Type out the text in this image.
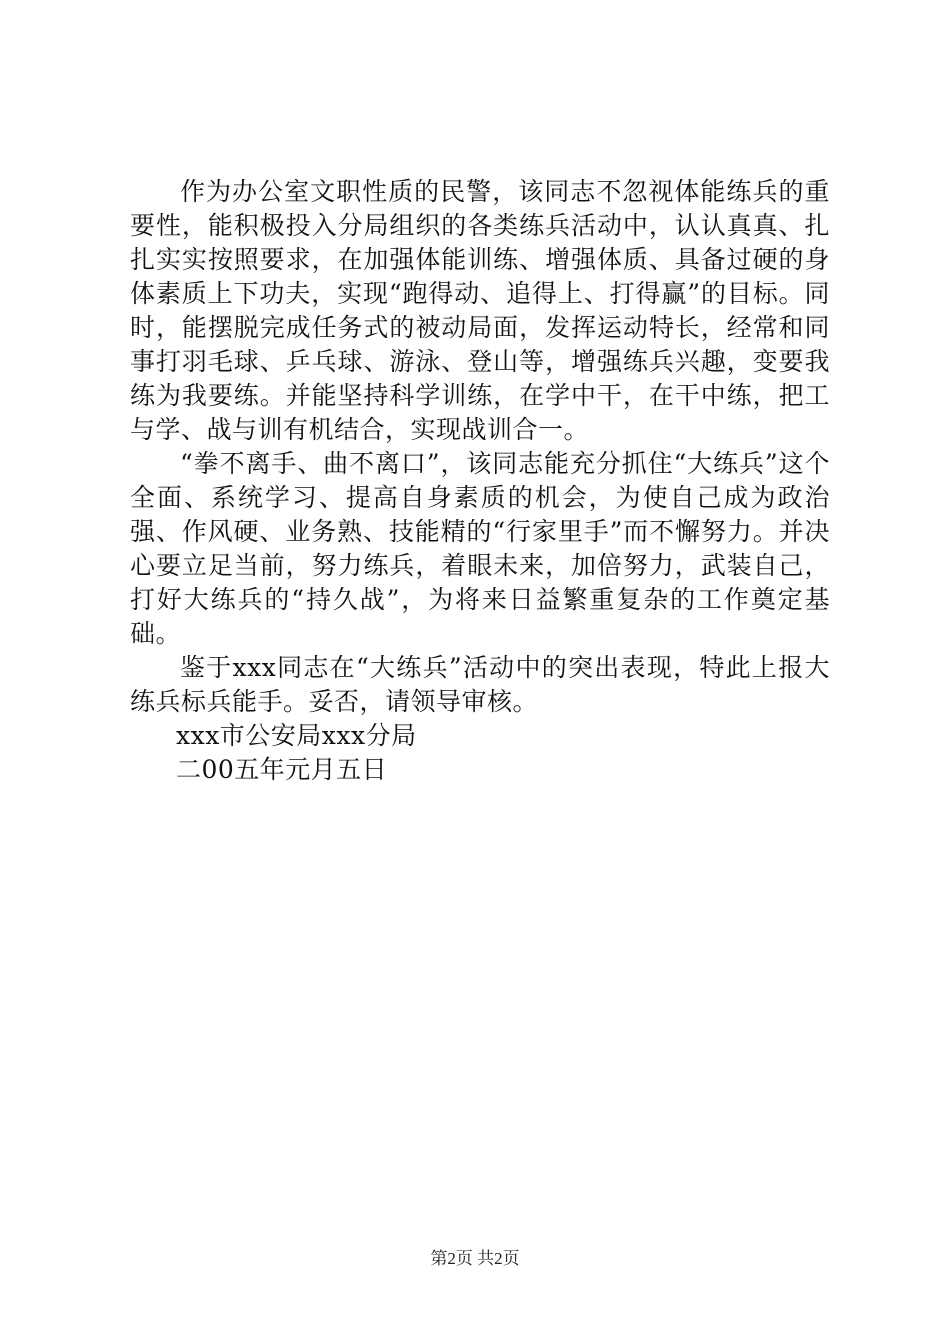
作为办公室文职性质的民警，该同志不忽视体能练兵的重要性，能积极投入分局组织的各类练兵活动中，认认真真、扎扎实实按照要求，在加强体能训练、增强体质、具备过硬的身体素质上下功夫，实现“跑得动、追得上、打得赢”的目标。同时，能摆脱完成任务式的被动局面，发挥运动特长，经常和同事打羽毛球、乒乓球、游泳、登山等，增强练兵兴趣，变要我练为我要练。并能坚持科学训练，在学中干，在干中练，把工与学、战与训有机结合，实现战训合一。

“拳不离手、曲不离口”，该同志能充分抓住“大练兵”这个全面、系统学习、提高自身素质的机会，为使自己成为政治强、作风硬、业务熟、技能精的“行家里手”而不懈努力。并决心要立足当前，努力练兵，着眼未来，加倍努力，武装自己，打好大练兵的“持久战”，为将来日益繁重复杂的工作奠定基础。

鉴于xxx同志在“大练兵”活动中的突出表现，特此上报大练兵标兵能手。妥否，请领导审核。

xxx市公安局xxx分局

二00五年元月五日

第2页 共2页
